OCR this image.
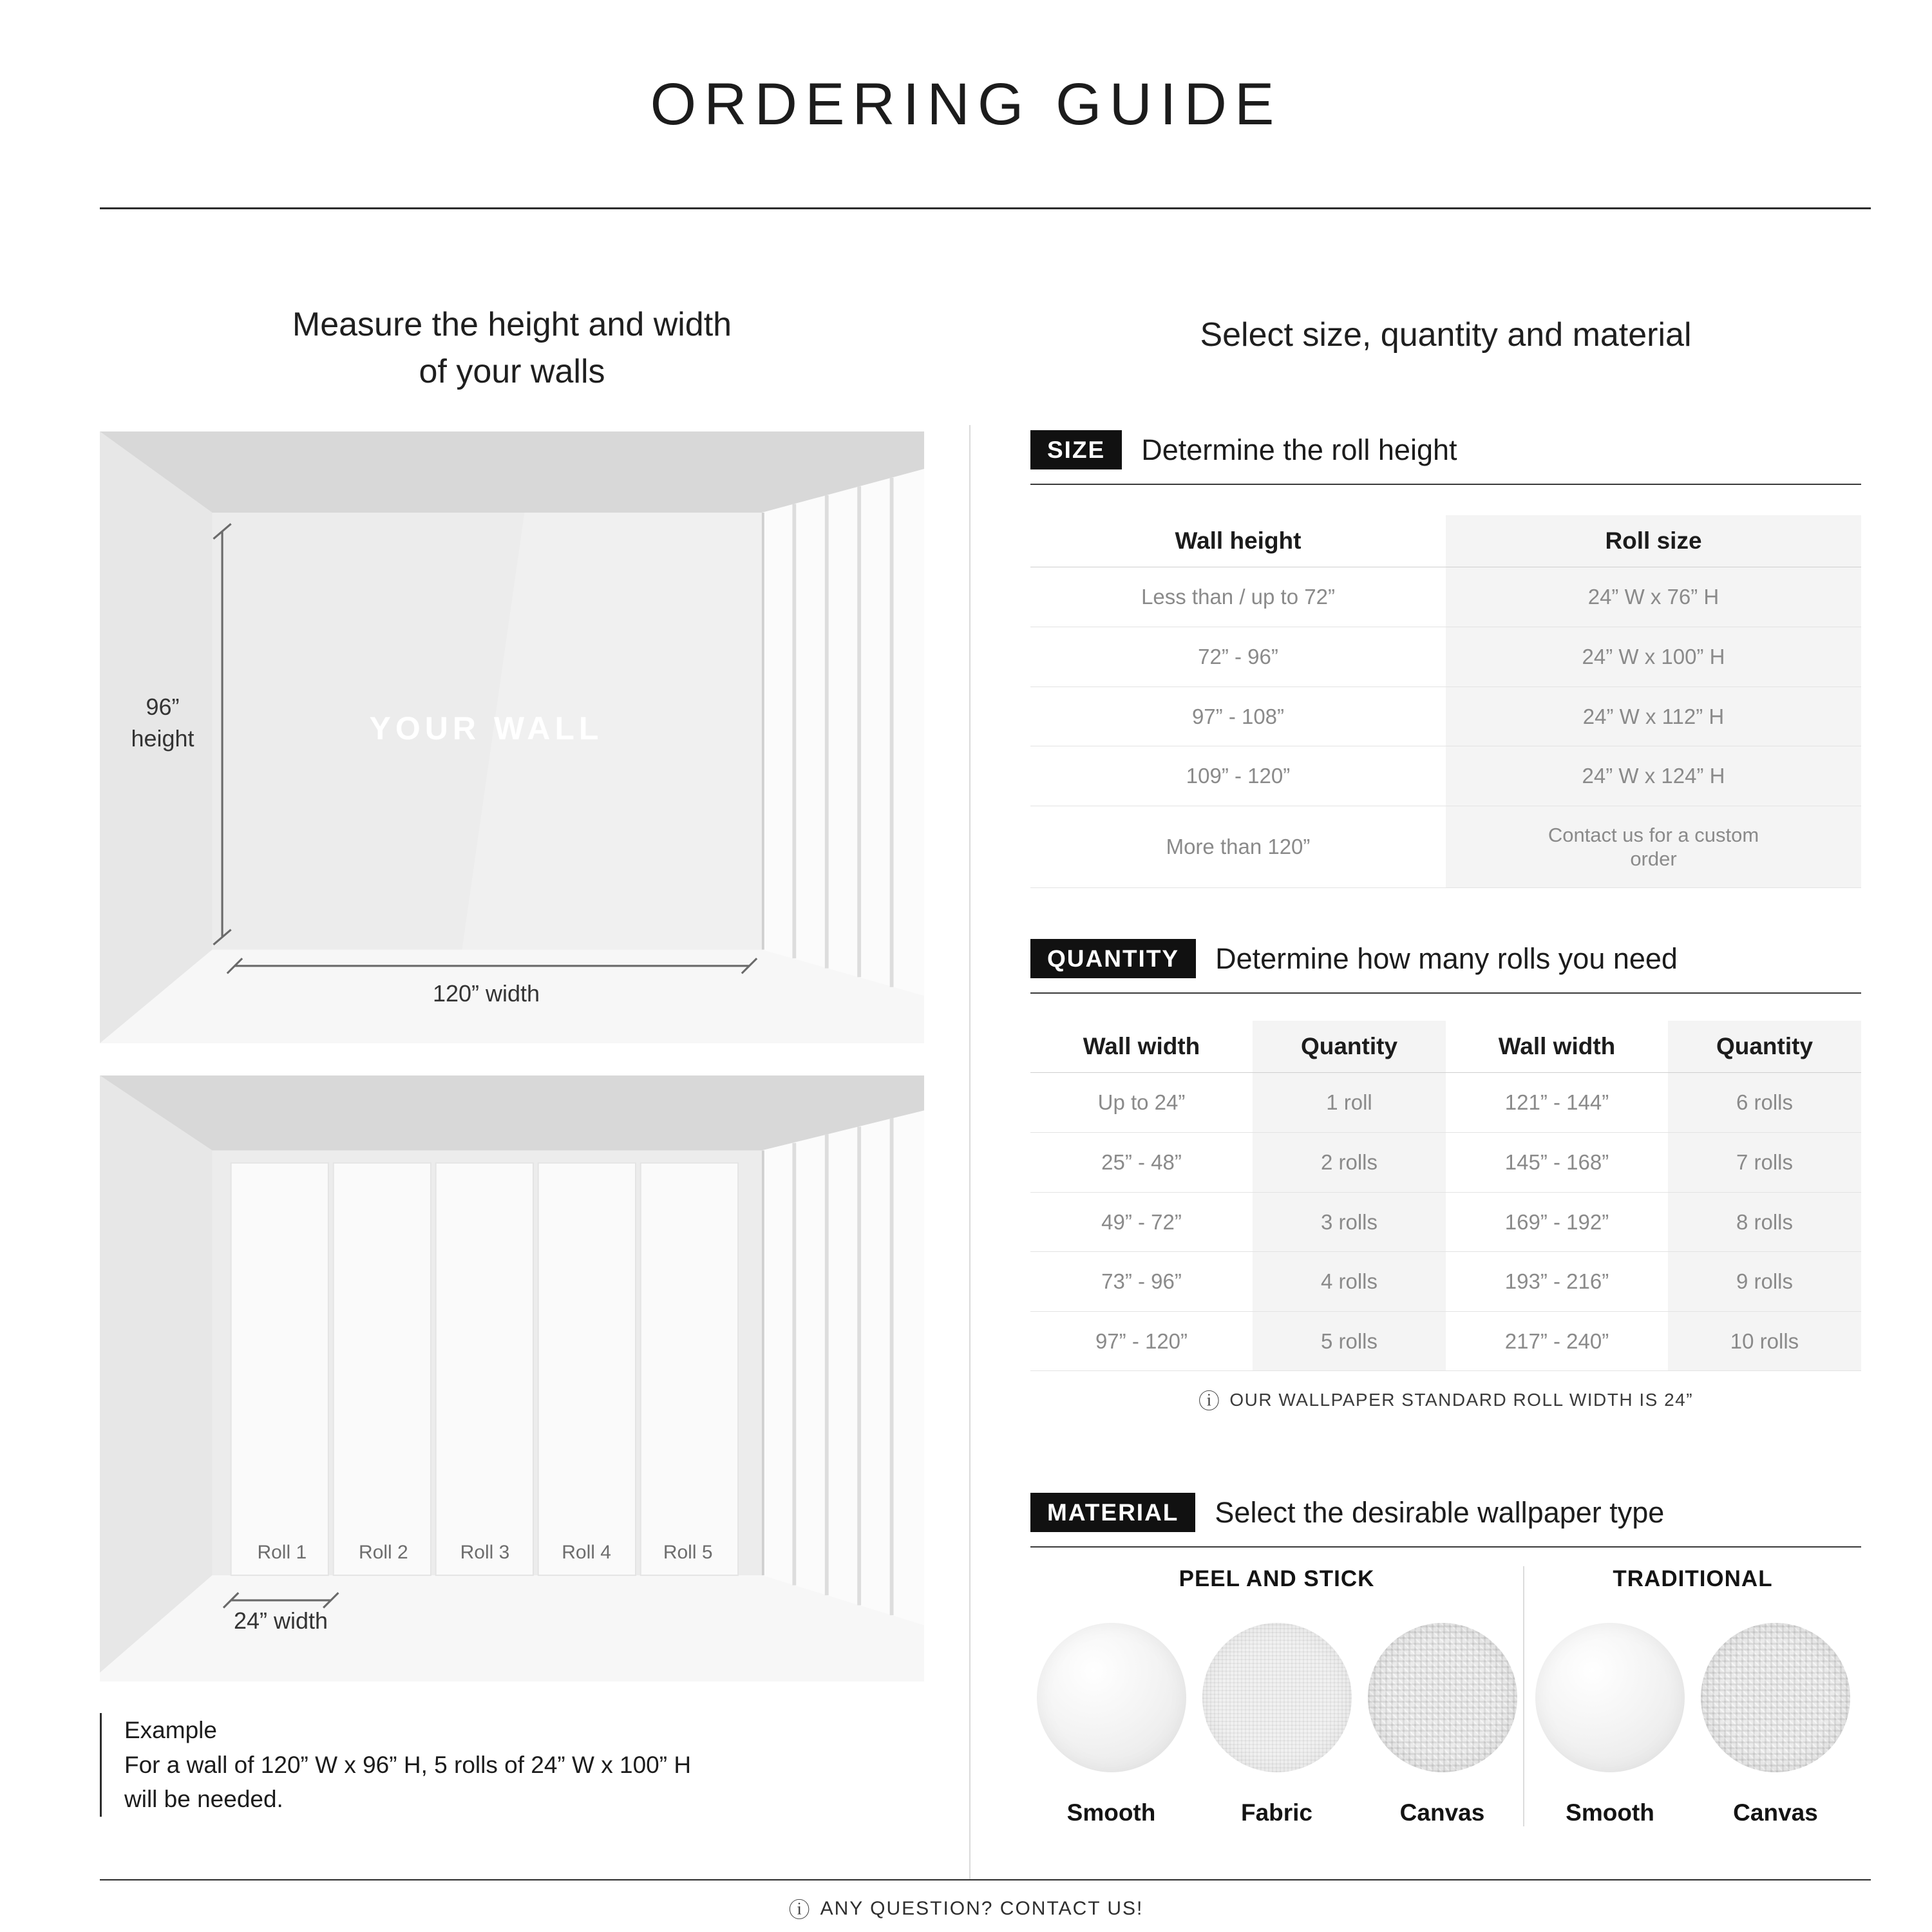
ORDERING GUIDE
Measure the height and width
of your walls
Select size, quantity and material
YOUR WALL
96”
height
120” width
Roll 1	Roll 2	Roll 3	Roll 4	Roll 5
24” width
Example
For a wall of 120” W x 96” H, 5 rolls of 24” W x 100” H
will be needed.
SIZE	Determine the roll height
Wall height	Roll size
Less than / up to 72”	24” W x 76” H
72” - 96”	24” W x 100” H
97” - 108”	24” W x 112” H
109” - 120”	24” W x 124” H
More than 120”	Contact us for a custom order
QUANTITY	Determine how many rolls you need
Wall width	Quantity	Wall width	Quantity
Up to 24”	1 roll	121” - 144”	6 rolls
25” - 48”	2 rolls	145” - 168”	7 rolls
49” - 72”	3 rolls	169” - 192”	8 rolls
73” - 96”	4 rolls	193” - 216”	9 rolls
97” - 120”	5 rolls	217” - 240”	10 rolls
ⓘ OUR WALLPAPER STANDARD ROLL WIDTH IS 24”
MATERIAL	Select the desirable wallpaper type
PEEL AND STICK
Smooth	Fabric	Canvas
TRADITIONAL
Smooth	Canvas
ⓘ ANY QUESTION? CONTACT US!
